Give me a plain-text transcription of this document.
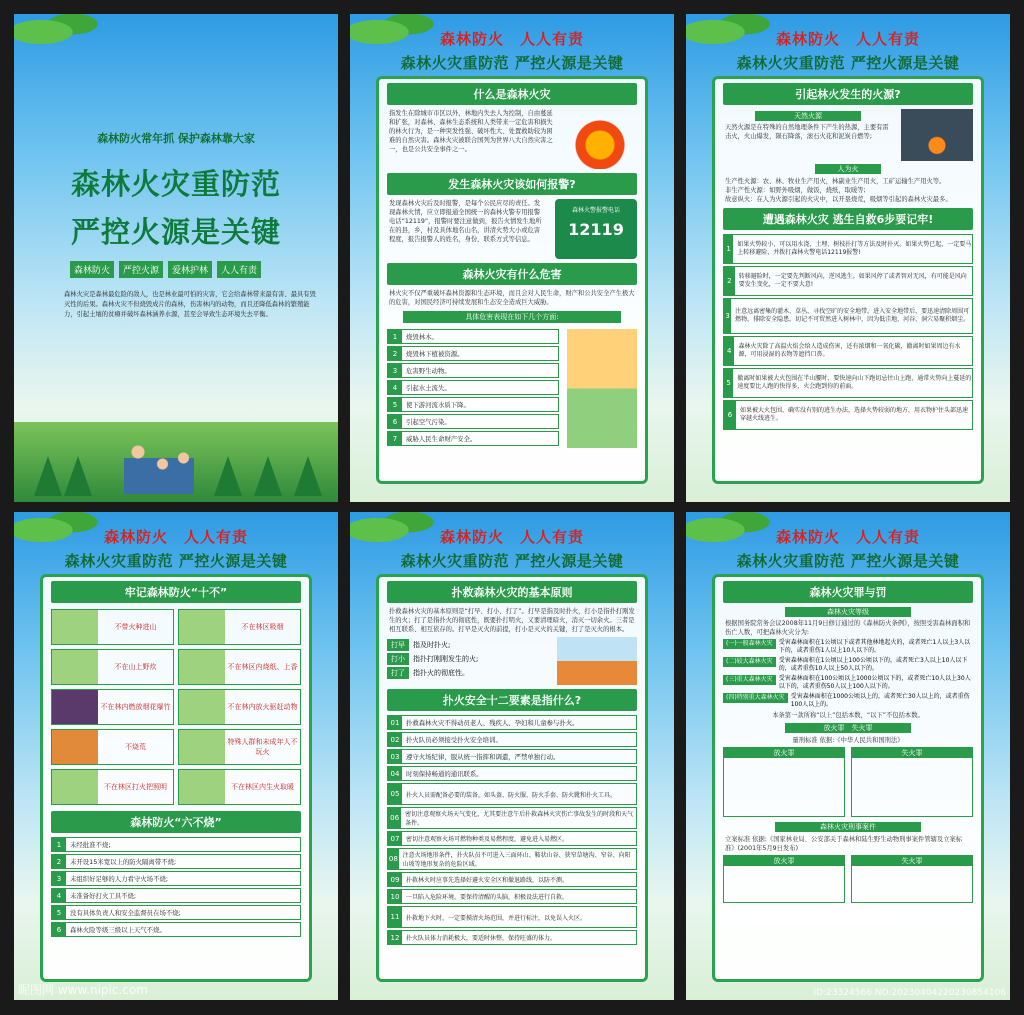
森林防火常年抓 保护森林靠大家
森林火灾重防范
严控火源是关键
森林防火	严控火源	爱林护林	人人有责
森林火灾是森林最危险的敌人，也是林业最可怕的灾害，它会给森林带来最有害、最具有毁灭性的后果。森林火灾不但烧毁成片的森林，伤害林内的动物，而且还降低森林的繁殖能力，引起土壤的贫瘠并破坏森林涵养水源，甚至会导致生态环境失去平衡。
森林防火　人人有责
森林火灾重防范 严控火源是关键
什么是森林火灾
指发生在除城市市区以外，林地内失去人为控制，自由蔓延和扩张，对森林、森林生态系统和人类带来一定危害和损失的林火行为，是一种突发性强、破坏性大、处置救助较为困难的自然灾害。森林火灾被联合国列为世界八大自然灾害之一，也是公共安全事件之一。
发生森林火灾该如何报警?
发现森林火灾后及时报警，是每个公民应尽的责任。发现森林火情，应立即报通全国统一的森林火警专用报警电话“12119”，报警时要注意做到，报告火情发生地所在的县，乡，村及具体地名山名，讲清火势大小或危害程度，报告报警人的姓名，身份，联系方式等信息。
森林火警报警电话
12119
森林火灾有什么危害
林火灾不仅严重破坏森林资源和生态环境，而且会对人民生命，财产和公共安全产生极大的危害，对国民经济可持续发展和生态安全造成巨大威胁。
具体危害表现在如下几个方面:
1	烧毁林木。
2	烧毁林下植被资源。
3	危害野生动物。
4	引起水土流失。
5	使下游河流水质下降。
6	引起空气污染。
7	威胁人民生命财产安全。
森林防火　人人有责
森林火灾重防范 严控火源是关键
引起林火发生的火源?
天然火源
天然火源是在特殊的自然地理条件下产生的热源，主要有雷击火，火山爆发，陨石降落，滚石火花和泥炭自燃等;
人为火
生产性火源：农、林、牧业生产用火，林副业生产用火，工矿运输生产用火等。
非生产性火源：如野外吸烟，做饭，烧纸，取暖等;
故意纵火：在人为火源引起的火灾中，以开垦烧荒，吸烟等引起的森林火灾最多。
遭遇森林火灾 逃生自救6步要记牢!
1
如果火势较小，可以用水浇、土埋、树枝扑打等方法及时扑灭。如果火势已起，一定要马上转移避险，并拨打森林火警电话12119报警!
2
转移避险时，一定要先判断风向，逆风逃生。如果风停了或者智对无风，有可能是风向要发生变化，一定不要大意!
3
注意远离密集的灌木、草丛，寻找空旷的安全地带。进入安全地带后，要迅速清除周围可燃物。排除安全隐患。切记不可贸然进入树林中，因为低洼地、河谷、洞穴易聚积烟尘。
4
森林火灾除了高温火焰会给人造成伤害，还有浓烟和一氧化碳，撤离时如果周边有水源，可用浸湿的衣物等遮挡口鼻。
5
撤离时如果被大火包围在半山腰时，要快速向山下跑切忌往山上跑，通常火势向上蔓延的速度要比人跑的快得多，火会跑到你的前面。
6
如果被大火包围，确实没有别的逃生办法，选择火势较弱的地方，用衣物护住头部迅速穿越火线逃生。
森林防火　人人有责
森林火灾重防范 严控火源是关键
牢记森林防火“十不”
不带火种进山	不在林区吸烟
不在山上野炊	不在林区内烧纸、上香
不在林内燃放烟花爆竹	不在林内放火驱赶动物
不烧荒
特殊人群和未成年人不玩火
不在林区打火把照明	不在林区内生火取暖
森林防火“六不烧”
1	未经批准不烧;
2	未开设15米宽以上的防火隔离带不烧;
3	未组织好足够的人力看守火场不烧;
4	未准备好打火工具不烧;
5	没有具体负责人和安全监督员在场不烧;
6	森林火险等级三级以上天气不烧。
昵图网 www.nipic.com
森林防火　人人有责
森林火灾重防范 严控火源是关键
扑救森林火灾的基本原则
扑救森林火灾的基本原则是“打早、打小、打了”。打早是指及时扑火，打小是指扑打刚发生的火；打了是指扑火的彻底性，既要扑打明火，又要清理暗火，消灭一切余火。三者是相互联系、相互依存的。打早是灭火的前提，打小是灭火的关键，打了是灭火的根本。
打早	指及时扑火;
打小	指扑打刚刚发生的火;
打了	指扑火的彻底性。
扑火安全十二要素是指什么?
01	扑救森林火灾不得动员老人、残疾人、孕妇和儿童参与扑火。
02	扑火队员必须接受扑火安全培训。
03	遵守火场纪律，服从统一指挥和调遣，严禁单独行动。
04	时刻保持畅通的通讯联系。
05	扑火人员需配备必要的装备，如头盔、防火服、防火手套、防火靴和扑火工具。
06	密切注意观察火场天气变化，尤其要注意午后扑救森林火灾伤亡事故发生的时段和天气条件。
07	密切注意观察火场可燃物种类及易燃程度，避免进入易燃区。
08 注意火场地形条件，扑火队员不可进入三面环山、鞍状山谷、狭窄草塘沟、窄谷、向阳山坡等地形复杂的危险区域。
09	扑救林火时应事先选择好避火安全区和撤退路线，以防不测。
10	一旦陷入危险环境，要保持清醒的头脑，积极设法进行自救。
11	扑救地下火时，一定要摸清火场范围，并进行标注，以免误入火区。
12	扑火队员体力消耗极大，要适时休整，保持旺盛的体力。
森林防火　人人有责
森林火灾重防范 严控火源是关键
森林火灾罪与罚
森林火灾等级
根据国务院常务会议2008年11月9日修订通过的《森林防火条例》，按照受害森林面积和伤亡人数，可把森林火灾分为:
(一)一般森林火灾	受害森林面积在1公顷以下或者其他林地起火的，或者死亡1人以上3人以下的，或者重伤1人以上10人以下的。
(二)较大森林火灾	受害森林面积在1公顷以上100公顷以下的，或者死亡3人以上10人以下的，或者重伤10人以上50人以下的。
(三)重大森林火灾	受害森林面积在100公顷以上1000公顷以下的，或者死亡10人以上30人以下的，或者重伤50人以上100人以下的。
(四)特别重大森林火灾	受害森林面积在1000公顷以上的，或者死亡30人以上的，或者重伤100人以上的。
本条第一款所称“以上”包括本数，“以下”不包括本数。
放火罪　失火罪
量刑标准 依据:《中华人民共和国刑法》
放火罪	失火罪
森林火灾刑事案件
立案标准 依据:《国家林业局、公安部关于森林和陆生野生动物刑事案件管辖及立案标准》(2001年5月9日发布)
放火罪	失火罪
ID:23324566 NO:20230404220230854106
